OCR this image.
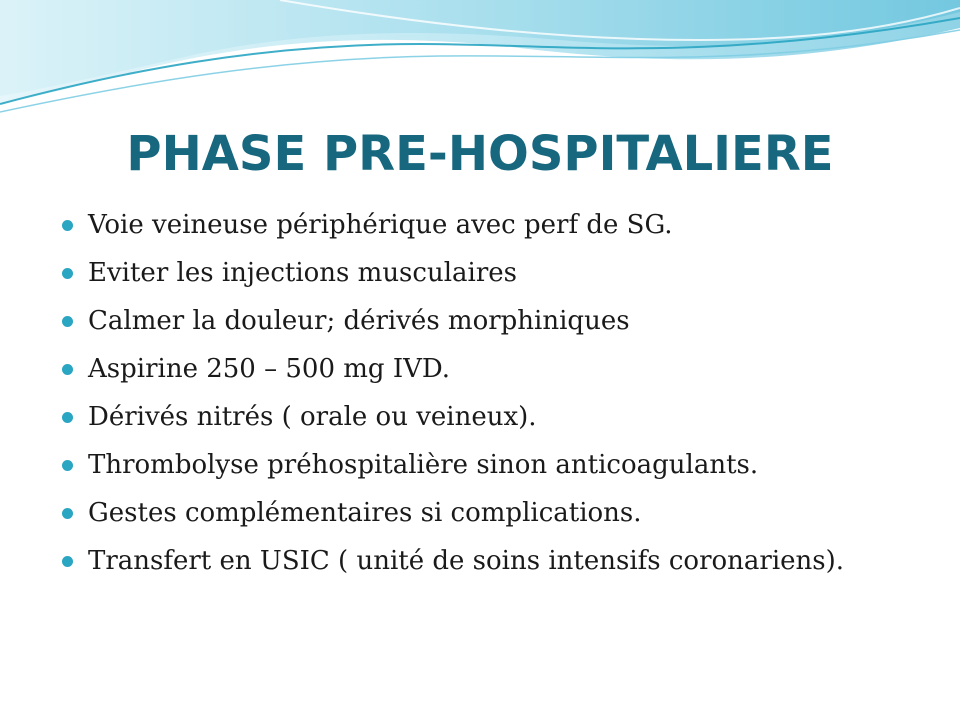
PHASE PRE-HOSPITALIERE
Voie veineuse périphérique avec perf de SG.
Eviter les injections musculaires
Calmer la douleur; dérivés morphiniques
Aspirine 250 – 500 mg IVD.
Dérivés nitrés ( orale ou veineux).
Thrombolyse préhospitalière sinon anticoagulants.
Gestes complémentaires si complications.
Transfert en USIC ( unité de soins intensifs coronariens).
